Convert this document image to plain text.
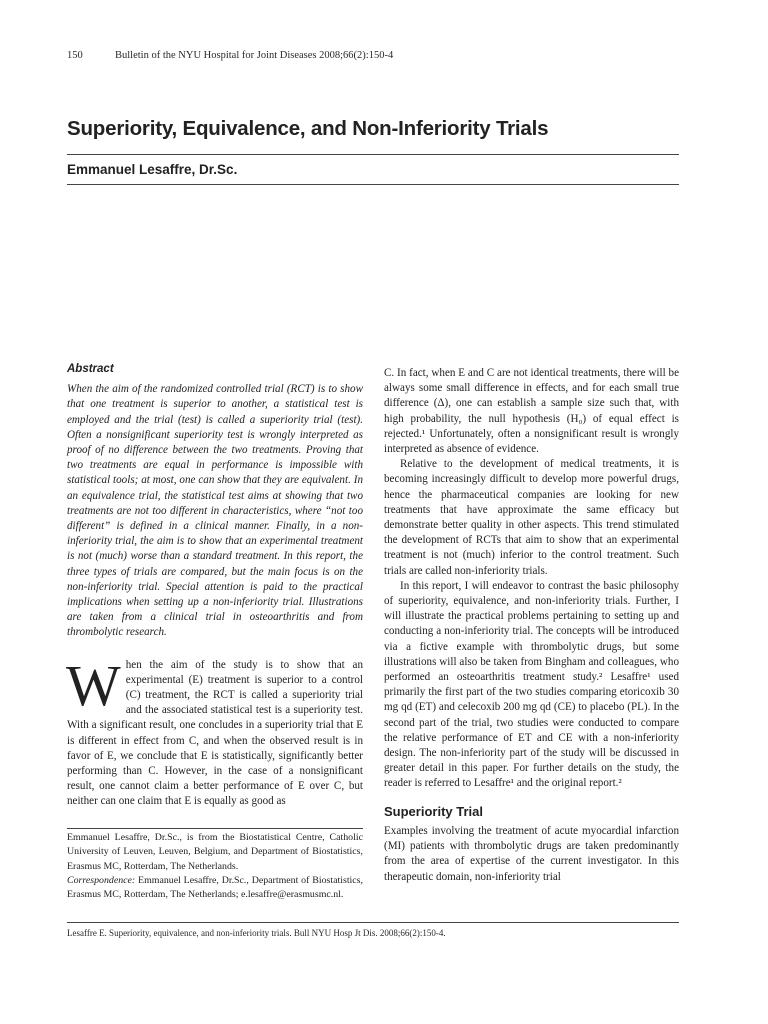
150	Bulletin of the NYU Hospital for Joint Diseases 2008;66(2):150-4
Superiority, Equivalence, and Non-Inferiority Trials
Emmanuel Lesaffre, Dr.Sc.
Abstract

When the aim of the randomized controlled trial (RCT) is to show that one treatment is superior to another, a statistical test is employed and the trial (test) is called a superiority trial (test). Often a nonsignificant superiority test is wrongly interpreted as proof of no difference between the two treatments. Proving that two treatments are equal in performance is impossible with statistical tools; at most, one can show that they are equivalent. In an equivalence trial, the statistical test aims at showing that two treatments are not too different in characteristics, where “not too different” is defined in a clinical manner. Finally, in a non-inferiority trial, the aim is to show that an experimental treatment is not (much) worse than a standard treatment. In this report, the three types of trials are compared, but the main focus is on the non-inferiority trial. Special attention is paid to the practical implications when setting up a non-inferiority trial. Illustrations are taken from a clinical trial in osteoarthritis and from thrombolytic research.

W hen the aim of the study is to show that an experimental (E) treatment is superior to a control (C) treatment, the RCT is called a superiority trial and the associated statistical test is a superiority test. With a significant result, one concludes in a superiority trial that E is different in effect from C, and when the observed result is in favor of E, we conclude that E is statistically, significantly better performing than C. However, in the case of a nonsignificant result, one cannot claim a better performance of E over C, but neither can one claim that E is equally as good as

Emmanuel Lesaffre, Dr.Sc., is from the Biostatistical Centre, Catholic University of Leuven, Leuven, Belgium, and Department of Biostatistics, Erasmus MC, Rotterdam, The Netherlands.

Correspondence: Emmanuel Lesaffre, Dr.Sc., Department of Biostatistics, Erasmus MC, Rotterdam, The Netherlands; e.lesaffre@erasmusmc.nl.

C. In fact, when E and C are not identical treatments, there will be always some small difference in effects, and for each small true difference (Δ), one can establish a sample size such that, with high probability, the null hypothesis (H₀) of equal effect is rejected.¹ Unfortunately, often a nonsignificant result is wrongly interpreted as absence of evidence.

Relative to the development of medical treatments, it is becoming increasingly difficult to develop more powerful drugs, hence the pharmaceutical companies are looking for new treatments that have approximate the same efficacy but demonstrate better quality in other aspects. This trend stimulated the development of RCTs that aim to show that an experimental treatment is not (much) inferior to the control treatment. Such trials are called non-inferiority trials.

In this report, I will endeavor to contrast the basic philosophy of superiority, equivalence, and non-inferiority trials. Further, I will illustrate the practical problems pertaining to setting up and conducting a non-inferiority trial. The concepts will be introduced via a fictive example with thrombolytic drugs, but some illustrations will also be taken from Bingham and colleagues, who performed an osteoarthritis treatment study.² Lesaffre¹ used primarily the first part of the two studies comparing etoricoxib 30 mg qd (ET) and celecoxib 200 mg qd (CE) to placebo (PL). In the second part of the trial, two studies were conducted to compare the relative performance of ET and CE with a non-inferiority design. The non-inferiority part of the study will be discussed in greater detail in this paper. For further details on the study, the reader is referred to Lesaffre¹ and the original report.²

Superiority Trial

Examples involving the treatment of acute myocardial infarction (MI) patients with thrombolytic drugs are taken predominantly from the area of expertise of the current investigator. In this therapeutic domain, non-inferiority trial

Lesaffre E. Superiority, equivalence, and non-inferiority trials. Bull NYU Hosp Jt Dis. 2008;66(2):150-4.
